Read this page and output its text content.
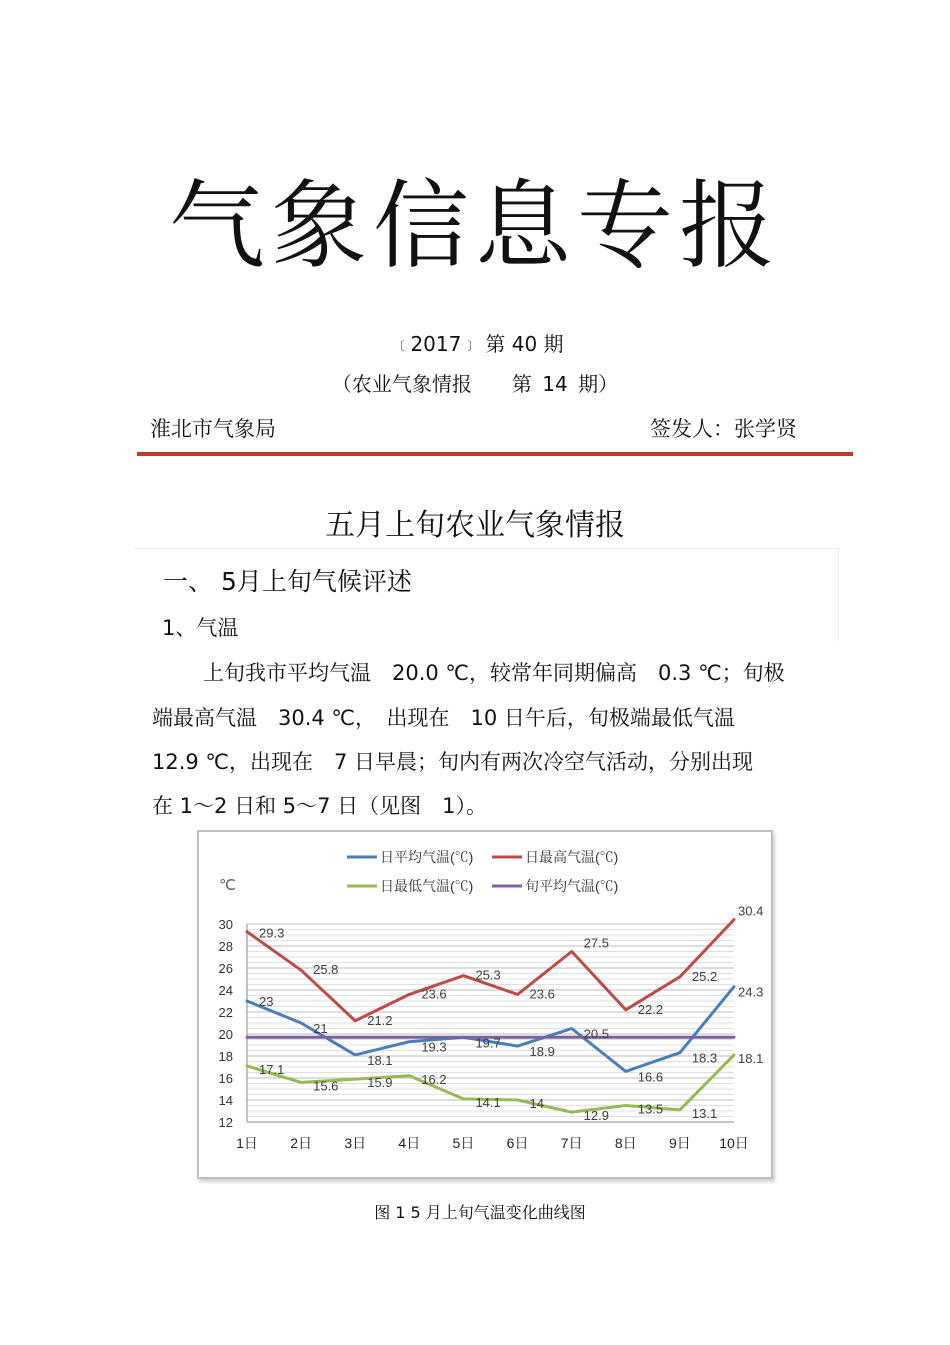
气象信息专报
〔 2017 〕 第 40 期
（农业气象情报 第 14 期）
淮北市气象局	签发人：张学贤
五月上旬农业气象情报
一、 5月上旬气候评述
1、气温
上旬我市平均气温　20.0 ℃，较常年同期偏高　0.3 ℃；旬极
端最高气温　30.4 ℃，　出现在　10 日午后，旬极端最低气温
12.9 ℃，出现在　7 日早晨；旬内有两次冷空气活动，分别出现
在 1～2 日和 5～7 日（见图　1）。
12
14
16
18
20
22
24
26
28
30
℃
1日 2日 3日 4日 5日 6日 7日 8日 9日 10日
23
21
18.1
19.3 19.7
18.9
20.5
16.6
18.3
24.3
29.3
25.8
21.2
23.6
25.3
23.6
27.5
22.2
25.2
30.4
17.1
15.6 15.9 16.2
14.1 14
12.9 13.5 13.1
18.1
日平均气温(℃)	日最高气温(℃)
日最低气温(℃)	旬平均气温(℃)
图 1 5 月上旬气温变化曲线图
